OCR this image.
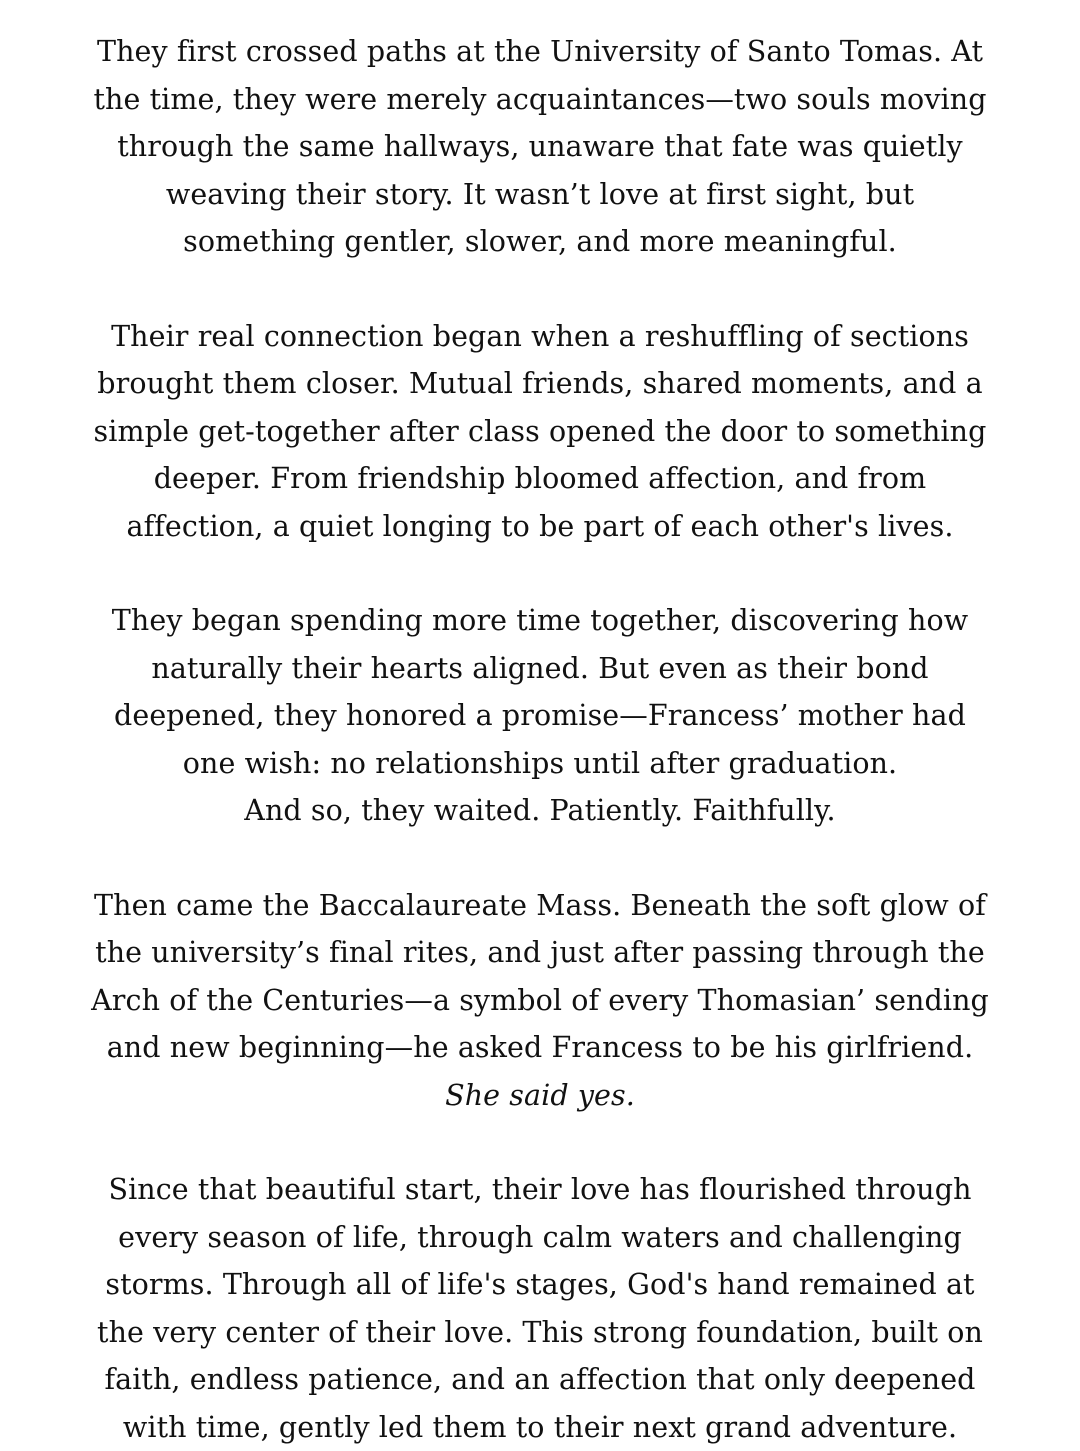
They first crossed paths at the University of Santo Tomas. At
the time, they were merely acquaintances—two souls moving
through the same hallways, unaware that fate was quietly
weaving their story. It wasn’t love at first sight, but
something gentler, slower, and more meaningful.

Their real connection began when a reshuffling of sections
brought them closer. Mutual friends, shared moments, and a
simple get-together after class opened the door to something
deeper. From friendship bloomed affection, and from
affection, a quiet longing to be part of each other's lives.

They began spending more time together, discovering how
naturally their hearts aligned. But even as their bond
deepened, they honored a promise—Francess’ mother had
one wish: no relationships until after graduation.
And so, they waited. Patiently. Faithfully.

Then came the Baccalaureate Mass. Beneath the soft glow of
the university’s final rites, and just after passing through the
Arch of the Centuries—a symbol of every Thomasian’ sending
and new beginning—he asked Francess to be his girlfriend.
She said yes.

Since that beautiful start, their love has flourished through
every season of life, through calm waters and challenging
storms. Through all of life's stages, God's hand remained at
the very center of their love. This strong foundation, built on
faith, endless patience, and an affection that only deepened
with time, gently led them to their next grand adventure.
